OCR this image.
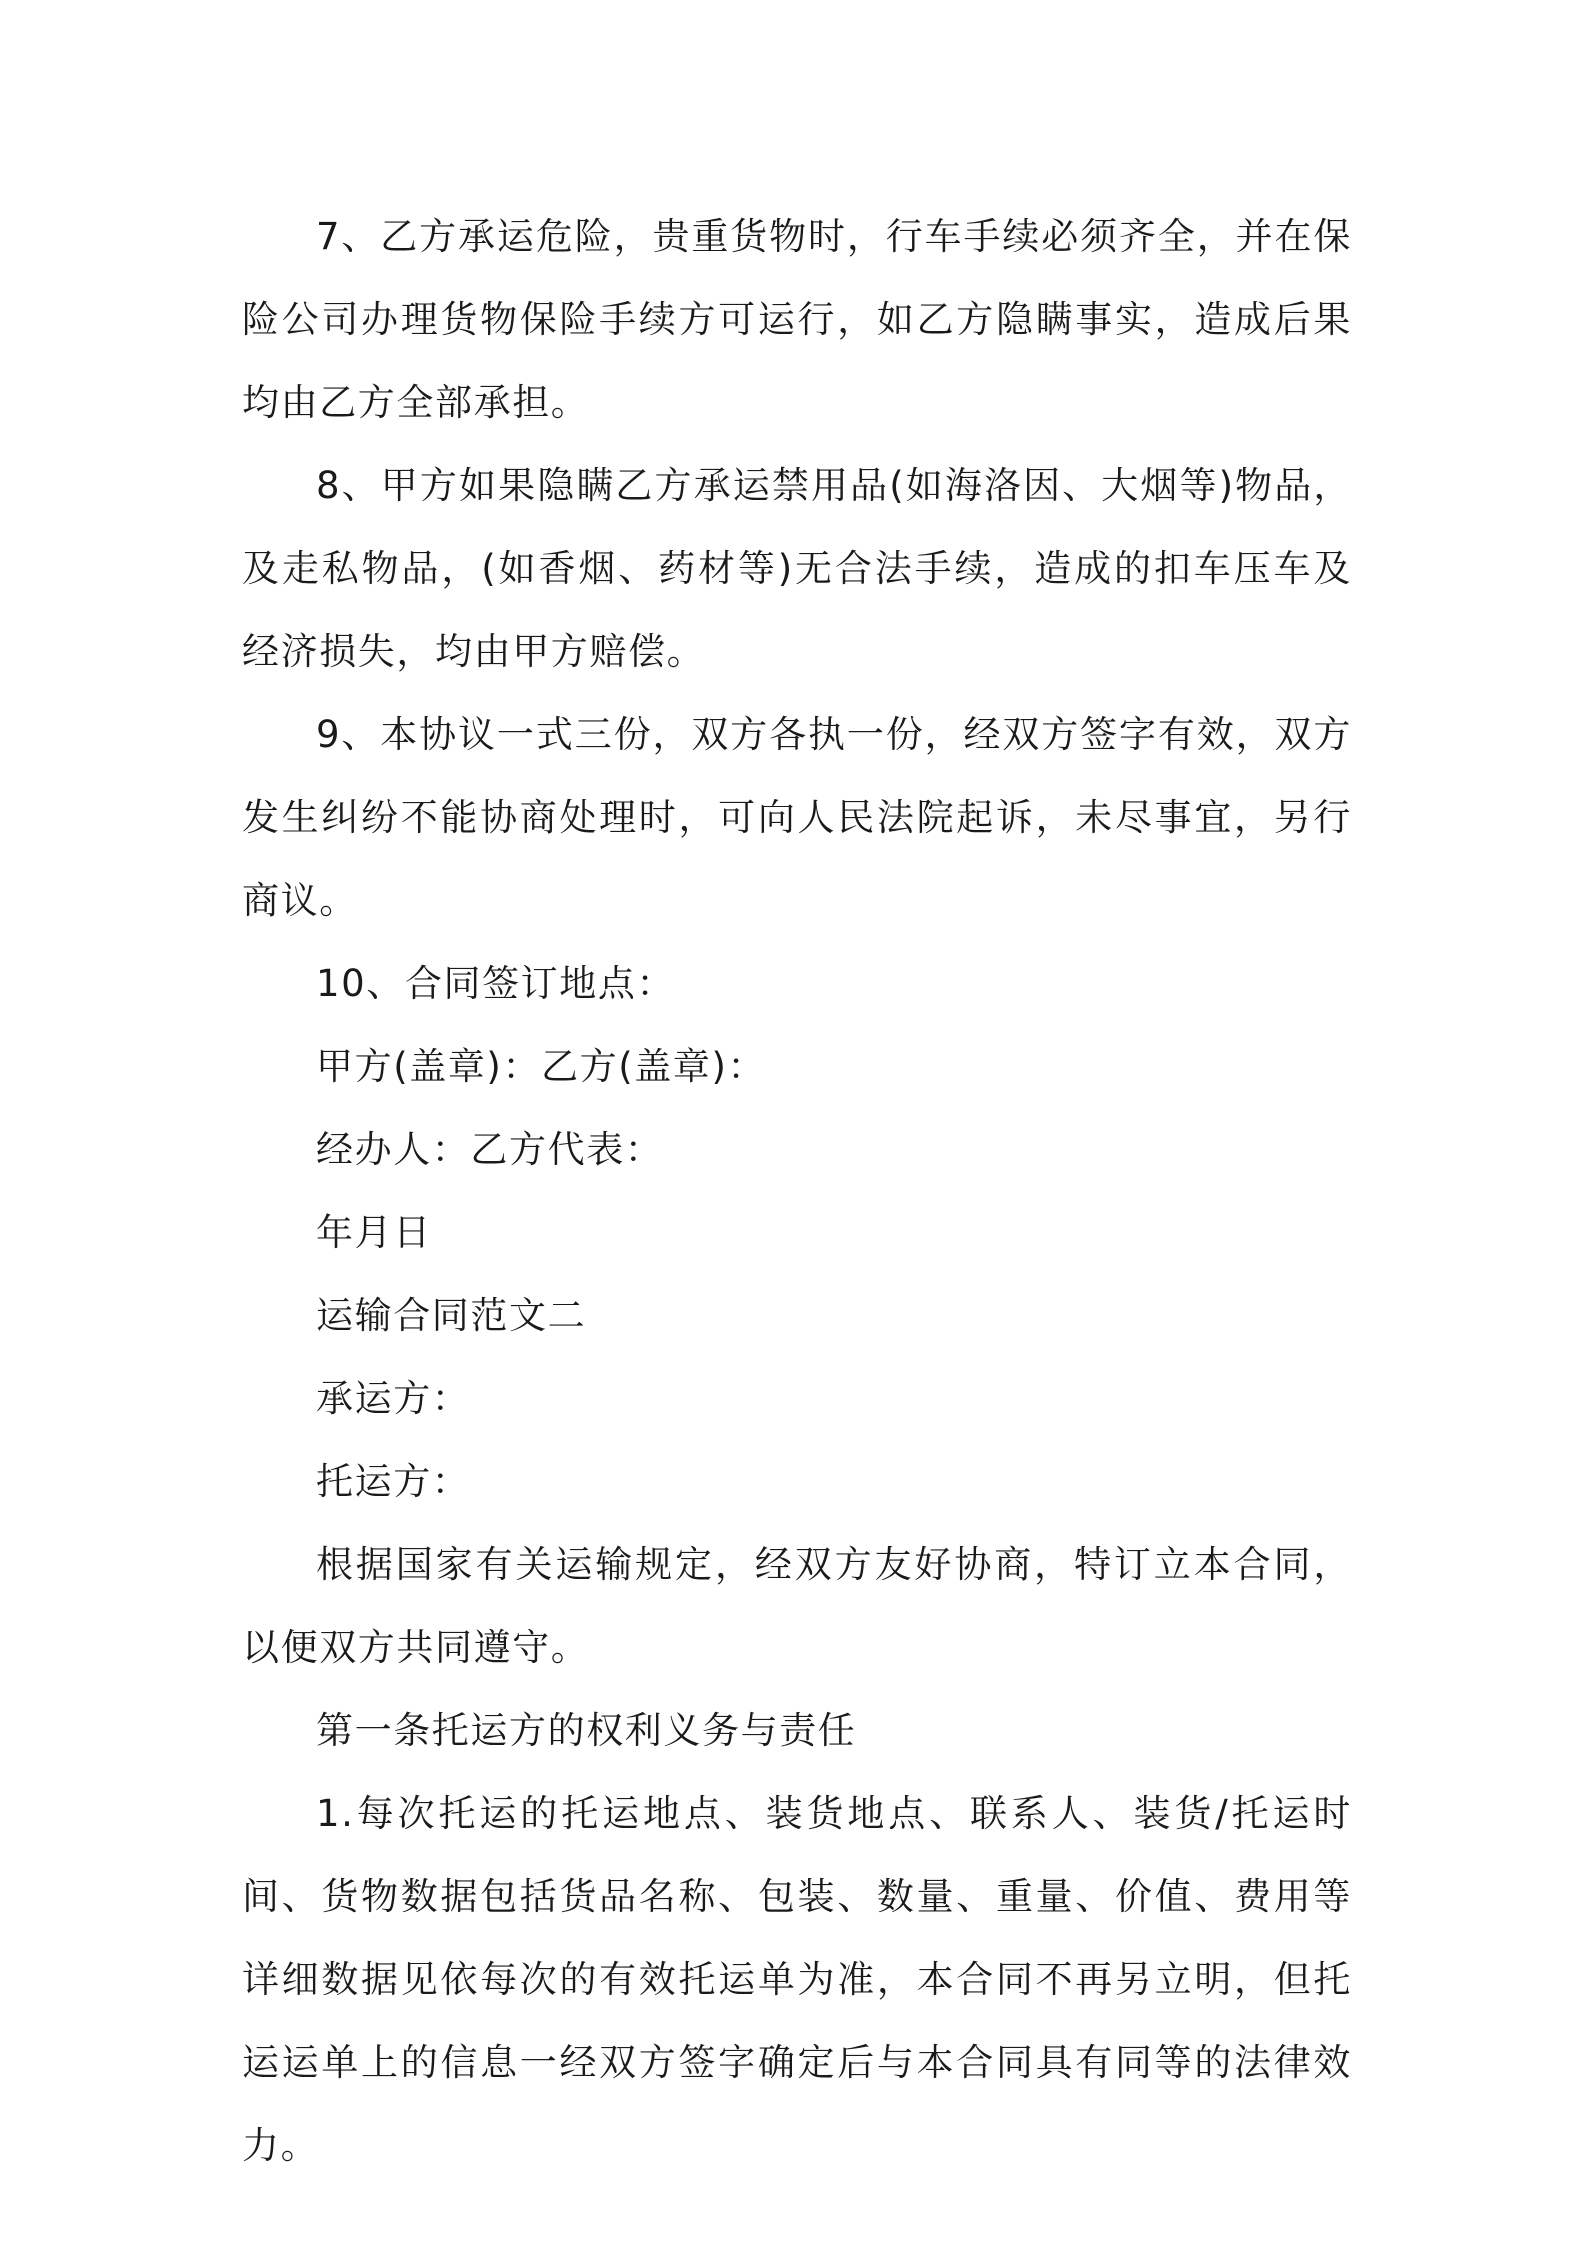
7、乙方承运危险，贵重货物时，行车手续必须齐全，并在保险公司办理货物保险手续方可运行，如乙方隐瞒事实，造成后果均由乙方全部承担。

8、甲方如果隐瞒乙方承运禁用品(如海洛因、大烟等)物品，及走私物品，(如香烟、药材等)无合法手续，造成的扣车压车及经济损失，均由甲方赔偿。

9、本协议一式三份，双方各执一份，经双方签字有效，双方发生纠纷不能协商处理时，可向人民法院起诉，未尽事宜，另行商议。

10、合同签订地点：

甲方(盖章)：乙方(盖章)：

经办人：乙方代表：

年月日

运输合同范文二

承运方：

托运方：

根据国家有关运输规定，经双方友好协商，特订立本合同，以便双方共同遵守。

第一条托运方的权利义务与责任

1.每次托运的托运地点、装货地点、联系人、装货/托运时间、货物数据包括货品名称、包装、数量、重量、价值、费用等详细数据见依每次的有效托运单为准，本合同不再另立明，但托运运单上的信息一经双方签字确定后与本合同具有同等的法律效力。
